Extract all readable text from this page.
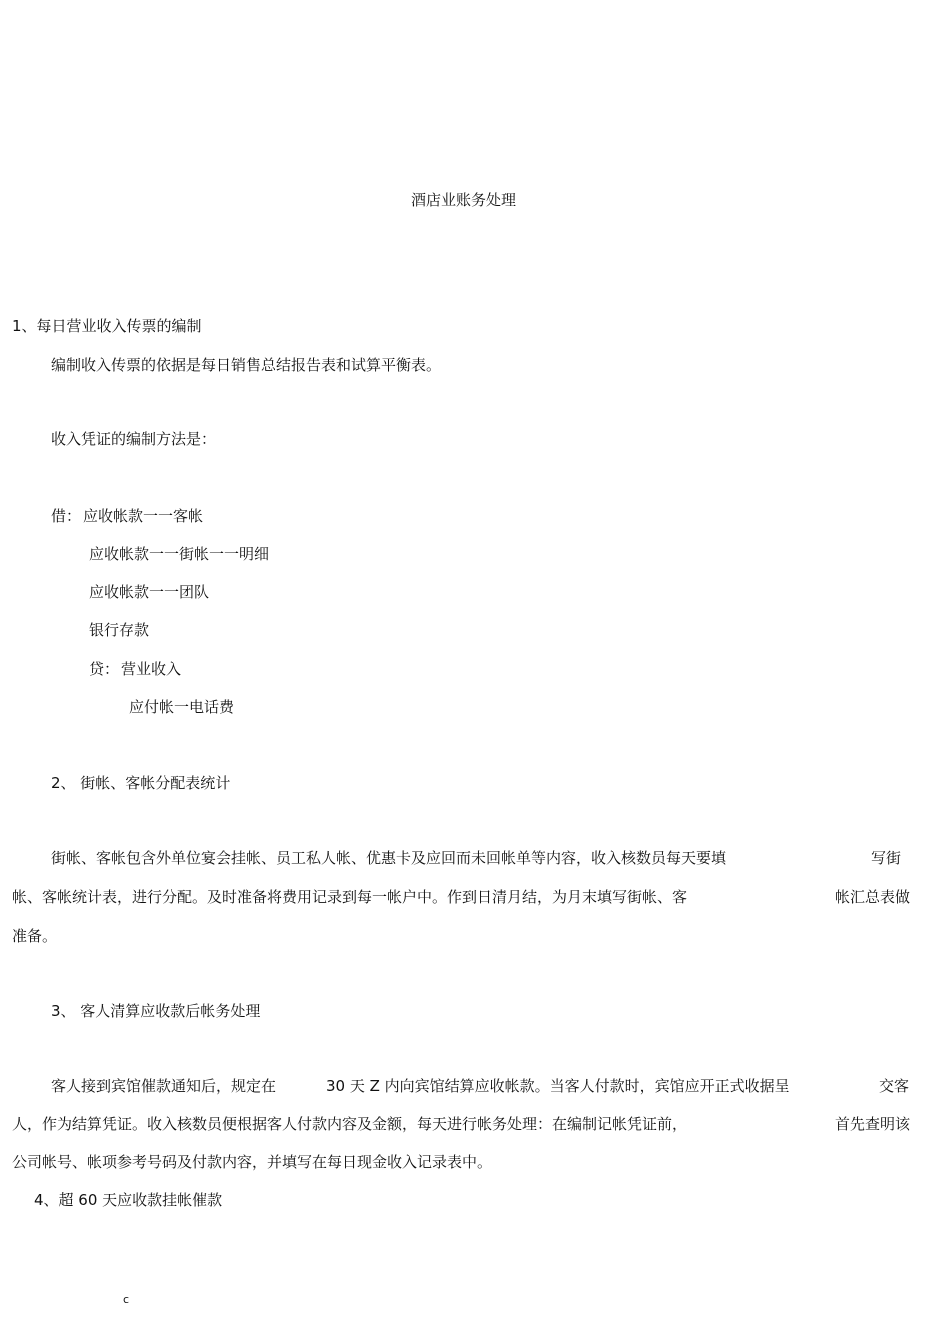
酒店业账务处理
1、每日营业收入传票的编制
编制收入传票的依据是每日销售总结报告表和试算平衡表。
收入凭证的编制方法是：
借： 应收帐款一一客帐
应收帐款一一街帐一一明细
应收帐款一一团队
银行存款
贷： 营业收入
应付帐一电话费
2、 街帐、客帐分配表统计
街帐、客帐包含外单位宴会挂帐、员工私人帐、优惠卡及应回而未回帐单等内容，收入核数员每天要填	写街
帐、客帐统计表，进行分配。及时准备将费用记录到每一帐户中。作到日清月结，为月末填写街帐、客	帐汇总表做
准备。
3、 客人清算应收款后帐务处理
客人接到宾馆催款通知后，规定在	30 天 Z 内向宾馆结算应收帐款。当客人付款时，宾馆应开正式收据呈	交客
人，作为结算凭证。收入核数员便根据客人付款内容及金额，每天进行帐务处理：在编制记帐凭证前，	首先查明该
公司帐号、帐项参考号码及付款内容，并填写在每日现金收入记录表中。
4、超 60 天应收款挂帐催款
c
